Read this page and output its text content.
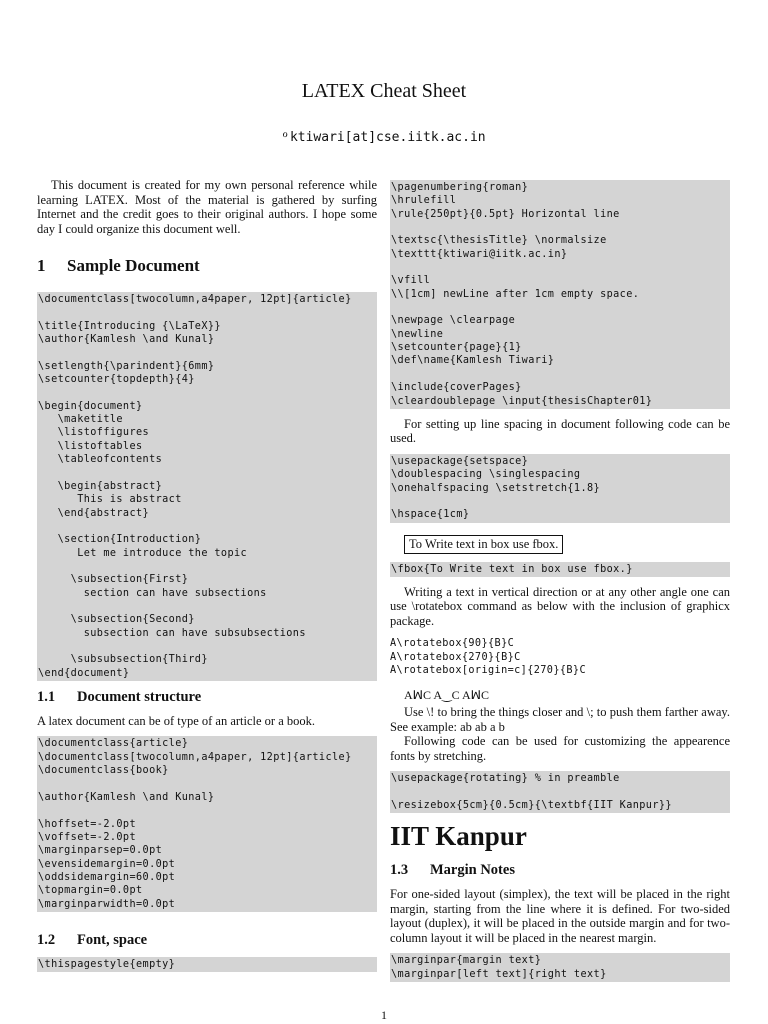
LATEX Cheat Sheet
ℴ ktiwari[at]cse.iitk.ac.in

This document is created for my own personal reference while learning LATEX. Most of the material is gathered by surfing Internet and the credit goes to their original authors. I hope some day I could organize this document well.

1 Sample Document
\documentclass[twocolumn,a4paper, 12pt]{article}

\title{Introducing {\LaTeX}}
\author{Kamlesh \and Kunal}

\setlength{\parindent}{6mm}
\setcounter{topdepth}{4}

\begin{document}
\maketitle
\listoffigures
\listoftables
\tableofcontents

\begin{abstract}
This is abstract
\end{abstract}

\section{Introduction}
Let me introduce the topic

\subsection{First}
section can have subsections

\subsection{Second}
subsection can have subsubsections

\subsubsection{Third}
\end{document}
1.1 Document structure

A latex document can be of type of an article or a book.

\documentclass{article}
\documentclass[twocolumn,a4paper, 12pt]{article}
\documentclass{book}

\author{Kamlesh \and Kunal}

\hoffset=-2.0pt
\voffset=-2.0pt
\marginparsep=0.0pt
\evensidemargin=0.0pt
\oddsidemargin=60.0pt
\topmargin=0.0pt
\marginparwidth=0.0pt
1.2 Font, space
\thispagestyle{empty}
\pagenumbering{roman}
\hrulefill
\rule{250pt}{0.5pt} Horizontal line

\textsc{\thesisTitle} \normalsize
\texttt{ktiwari@iitk.ac.in}

\vfill
\\[1cm] newLine after 1cm empty space.

\newpage \clearpage
\newline
\setcounter{page}{1}
\def\name{Kamlesh Tiwari}

\include{coverPages}
\cleardoublepage \input{thesisChapter01}

For setting up line spacing in document following code can be used.

\usepackage{setspace}
\doublespacing \singlespacing
\onehalfspacing \setstretch{1.8}

\hspace{1cm}
To Write text in box use fbox.
\fbox{To Write text in box use fbox.}

Writing a text in vertical direction or at any other angle one can use \rotatebox command as below with the inclusion of graphicx package.

A\rotatebox{90}{B}C
A\rotatebox{270}{B}C
A\rotatebox[origin=c]{270}{B}C
AꟽC A‿C AꟽC

Use \! to bring the things closer and \; to push them farther away. See example: ab ab a b

Following code can be used for customizing the appearence fonts by stretching.

\usepackage{rotating} % in preamble

\resizebox{5cm}{0.5cm}{\textbf{IIT Kanpur}}
IIT Kanpur
1.3 Margin Notes

For one-sided layout (simplex), the text will be placed in the right margin, starting from the line where it is defined. For two-sided layout (duplex), it will be placed in the outside margin and for two-column layout it will be placed in the nearest margin.

\marginpar{margin text}
\marginpar[left text]{right text}
1
